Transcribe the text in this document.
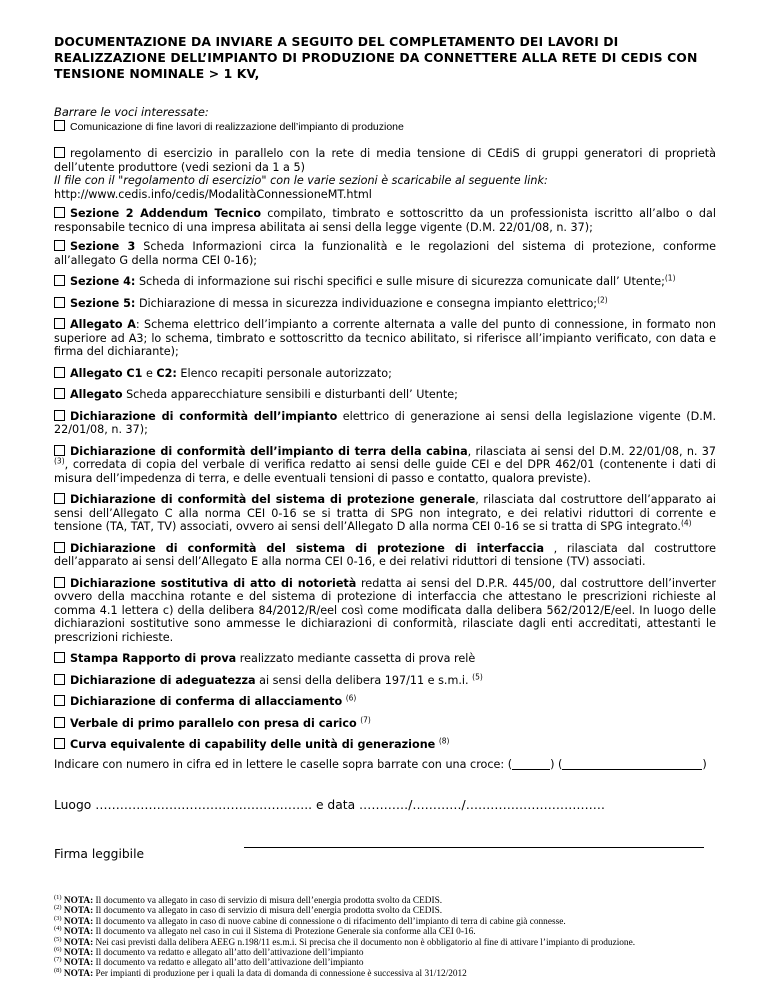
DOCUMENTAZIONE DA INVIARE A SEGUITO DEL COMPLETAMENTO DEI LAVORI DI REALIZZAZIONE DELL’IMPIANTO DI PRODUZIONE DA CONNETTERE ALLA RETE DI CEDIS CON TENSIONE NOMINALE > 1 KV,
Barrare le voci interessate:
Comunicazione di fine lavori di realizzazione dell’impianto di produzione
regolamento di esercizio in parallelo con la rete di media tensione di CEdiS di gruppi generatori di proprietà dell’utente produttore (vedi sezioni da 1 a 5)
Il file con il "regolamento di esercizio" con le varie sezioni è scaricabile al seguente link:
http://www.cedis.info/cedis/ModalitàConnessioneMT.html
Sezione 2 Addendum Tecnico compilato, timbrato e sottoscritto da un professionista iscritto all’albo o dal responsabile tecnico di una impresa abilitata ai sensi della legge vigente (D.M. 22/01/08, n. 37);
Sezione 3 Scheda Informazioni circa la funzionalità e le regolazioni del sistema di protezione, conforme all’allegato G della norma CEI 0-16);
Sezione 4: Scheda di informazione sui rischi specifici e sulle misure di sicurezza comunicate dall’ Utente;$^{(1)}$
Sezione 5: Dichiarazione di messa in sicurezza individuazione e consegna impianto elettrico;$^{(2)}$
Allegato A: Schema elettrico dell’impianto a corrente alternata a valle del punto di connessione, in formato non superiore ad A3; lo schema, timbrato e sottoscritto da tecnico abilitato, si riferisce all’impianto verificato, con data e firma del dichiarante);
Allegato C1 e C2: Elenco recapiti personale autorizzato;
Allegato Scheda apparecchiature sensibili e disturbanti dell’ Utente;
Dichiarazione di conformità dell’impianto elettrico di generazione ai sensi della legislazione vigente (D.M. 22/01/08, n. 37);
Dichiarazione di conformità dell’impianto di terra della cabina, rilasciata ai sensi del D.M. 22/01/08, n. 37 $^{(3)}$, corredata di copia del verbale di verifica redatto ai sensi delle guide CEI e del DPR 462/01 (contenente i dati di misura dell’impedenza di terra, e delle eventuali tensioni di passo e contatto, qualora previste).
Dichiarazione di conformità del sistema di protezione generale, rilasciata dal costruttore dell’apparato ai sensi dell’Allegato C alla norma CEI 0-16 se si tratta di SPG non integrato, e dei relativi riduttori di corrente e tensione (TA, TAT, TV) associati, ovvero ai sensi dell’Allegato D alla norma CEI 0-16 se si tratta di SPG integrato.$^{(4)}$
Dichiarazione di conformità del sistema di protezione di interfaccia , rilasciata dal costruttore dell’apparato ai sensi dell’Allegato E alla norma CEI 0-16, e dei relativi riduttori di tensione (TV) associati.
Dichiarazione sostitutiva di atto di notorietà redatta ai sensi del D.P.R. 445/00, dal costruttore dell’inverter ovvero della macchina rotante e del sistema di protezione di interfaccia che attestano le prescrizioni richieste al comma 4.1 lettera c) della delibera 84/2012/R/eel così come modificata dalla delibera 562/2012/E/eel. In luogo delle dichiarazioni sostitutive sono ammesse le dichiarazioni di conformità, rilasciate dagli enti accreditati, attestanti le prescrizioni richieste.
Stampa Rapporto di prova realizzato mediante cassetta di prova relè
Dichiarazione di adeguatezza ai sensi della delibera 197/11 e s.m.i. $^{(5)}$
Dichiarazione di conferma di allacciamento $^{(6)}$
Verbale di primo parallelo con presa di carico $^{(7)}$
Curva equivalente di capability delle unità di generazione $^{(8)}$
Indicare con numero in cifra ed in lettere le caselle sopra barrate con una croce: (	) (	)
Luogo …………………………………………….. e data …………/…………/…………………………….
Firma leggibile
$^{(1)}$ NOTA: Il documento va allegato in caso di servizio di misura dell’energia prodotta svolto da CEDIS.
$^{(2)}$ NOTA: Il documento va allegato in caso di servizio di misura dell’energia prodotta svolto da CEDIS.
$^{(3)}$ NOTA: Il documento va allegato in caso di nuove cabine di connessione o di rifacimento dell’impianto di terra di cabine già connesse.
$^{(4)}$ NOTA: Il documento va allegato nel caso in cui il Sistema di Protezione Generale sia conforme alla CEI 0-16.
$^{(5)}$ NOTA: Nei casi previsti dalla delibera AEEG n.198/11 es.m.i. Si precisa che il documento non è obbligatorio al fine di attivare l’impianto di produzione.
$^{(6)}$ NOTA: Il documento va redatto e allegato all’atto dell’attivazione dell’impianto
$^{(7)}$ NOTA: Il documento va redatto e allegato all’atto dell’attivazione dell’impianto
$^{(8)}$ NOTA: Per impianti di produzione per i quali la data di domanda di connessione è successiva al 31/12/2012
